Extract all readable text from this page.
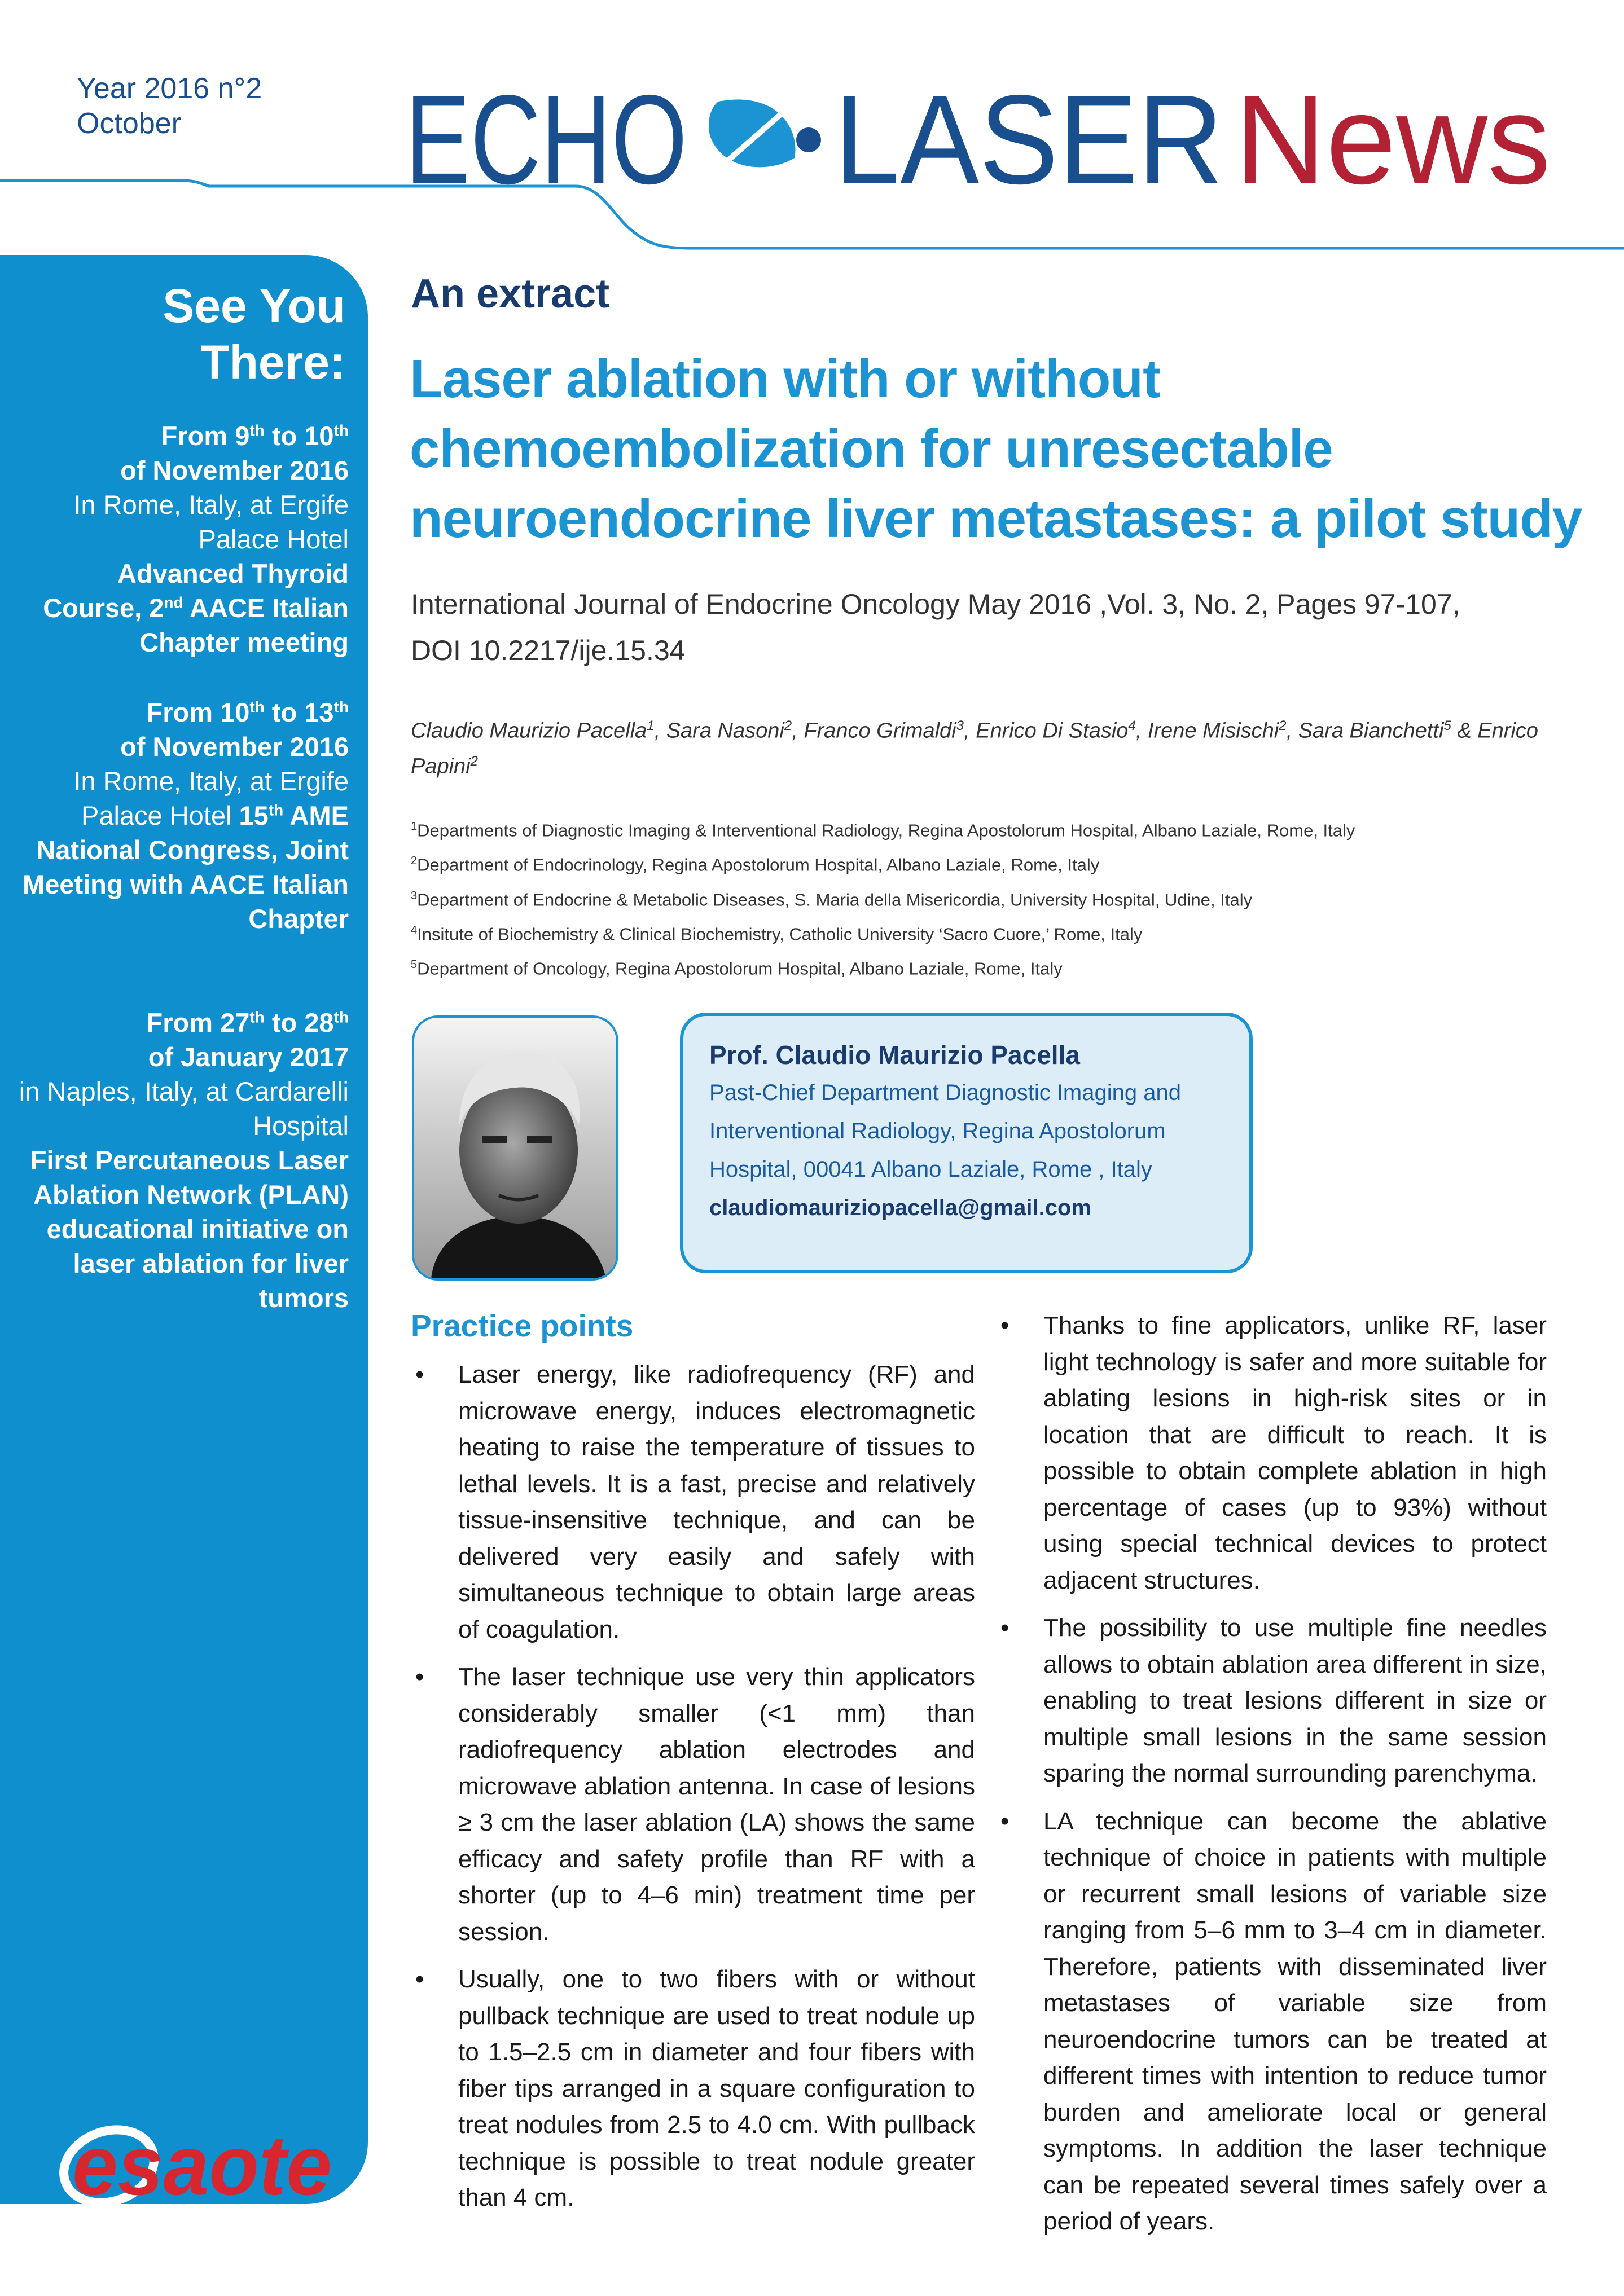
Year 2016 n°2
October	ECHO LASER News
See You
There:
From 9th to 10th
of November 2016
In Rome, Italy, at Ergife Palace Hotel
Advanced Thyroid Course, 2nd AACE Italian Chapter meeting
From 10th to 13th
of November 2016
In Rome, Italy, at Ergife Palace Hotel 15th AME National Congress, Joint Meeting with AACE Italian Chapter
From 27th to 28th
of January 2017
in Naples, Italy, at Cardarelli Hospital
First Percutaneous Laser Ablation Network (PLAN) educational initiative on laser ablation for liver tumors
esaote
An extract
Laser ablation with or without
chemoembolization for unresectable
neuroendocrine liver metastases: a pilot study
International Journal of Endocrine Oncology May 2016 ,Vol. 3, No. 2, Pages 97-107,
DOI 10.2217/ije.15.34
Claudio Maurizio Pacella$^1$, Sara Nasoni$^2$, Franco Grimaldi$^3$, Enrico Di Stasio$^4$, Irene Misischi$^2$, Sara Bianchetti$^5$ & Enrico Papini$^2$
$^1$Departments of Diagnostic Imaging & Interventional Radiology, Regina Apostolorum Hospital, Albano Laziale, Rome, Italy
$^2$Department of Endocrinology, Regina Apostolorum Hospital, Albano Laziale, Rome, Italy
$^3$Department of Endocrine & Metabolic Diseases, S. Maria della Misericordia, University Hospital, Udine, Italy
$^4$Insitute of Biochemistry & Clinical Biochemistry, Catholic University ‘Sacro Cuore,’ Rome, Italy
$^5$Department of Oncology, Regina Apostolorum Hospital, Albano Laziale, Rome, Italy
Prof. Claudio Maurizio Pacella
Past-Chief Department Diagnostic Imaging and
Interventional Radiology, Regina Apostolorum
Hospital, 00041 Albano Laziale, Rome , Italy
claudiomauriziopacella@gmail.com
Practice points
• Laser energy, like radiofrequency (RF) and microwave energy, induces electromagnetic heating to raise the temperature of tissues to lethal levels. It is a fast, precise and relatively tissue-insensitive technique, and can be delivered very easily and safely with simultaneous technique to obtain large areas of coagulation.
• The laser technique use very thin applicators considerably smaller (<1 mm) than radiofrequency ablation electrodes and microwave ablation antenna. In case of lesions ≥ 3 cm the laser ablation (LA) shows the same efficacy and safety profile than RF with a shorter (up to 4–6 min) treatment time per session.
• Usually, one to two fibers with or without pullback technique are used to treat nodule up to 1.5–2.5 cm in diameter and four fibers with fiber tips arranged in a square configuration to treat nodules from 2.5 to 4.0 cm. With pullback technique is possible to treat nodule greater than 4 cm.
• Thanks to fine applicators, unlike RF, laser light technology is safer and more suitable for ablating lesions in high-risk sites or in location that are difficult to reach. It is possible to obtain complete ablation in high percentage of cases (up to 93%) without using special technical devices to protect adjacent structures.
• The possibility to use multiple fine needles allows to obtain ablation area different in size, enabling to treat lesions different in size or multiple small lesions in the same session sparing the normal surrounding parenchyma.
• LA technique can become the ablative technique of choice in patients with multiple or recurrent small lesions of variable size ranging from 5–6 mm to 3–4 cm in diameter. Therefore, patients with disseminated liver metastases of variable size from neuroendocrine tumors can be treated at different times with intention to reduce tumor burden and ameliorate local or general symptoms. In addition the laser technique can be repeated several times safely over a period of years.
